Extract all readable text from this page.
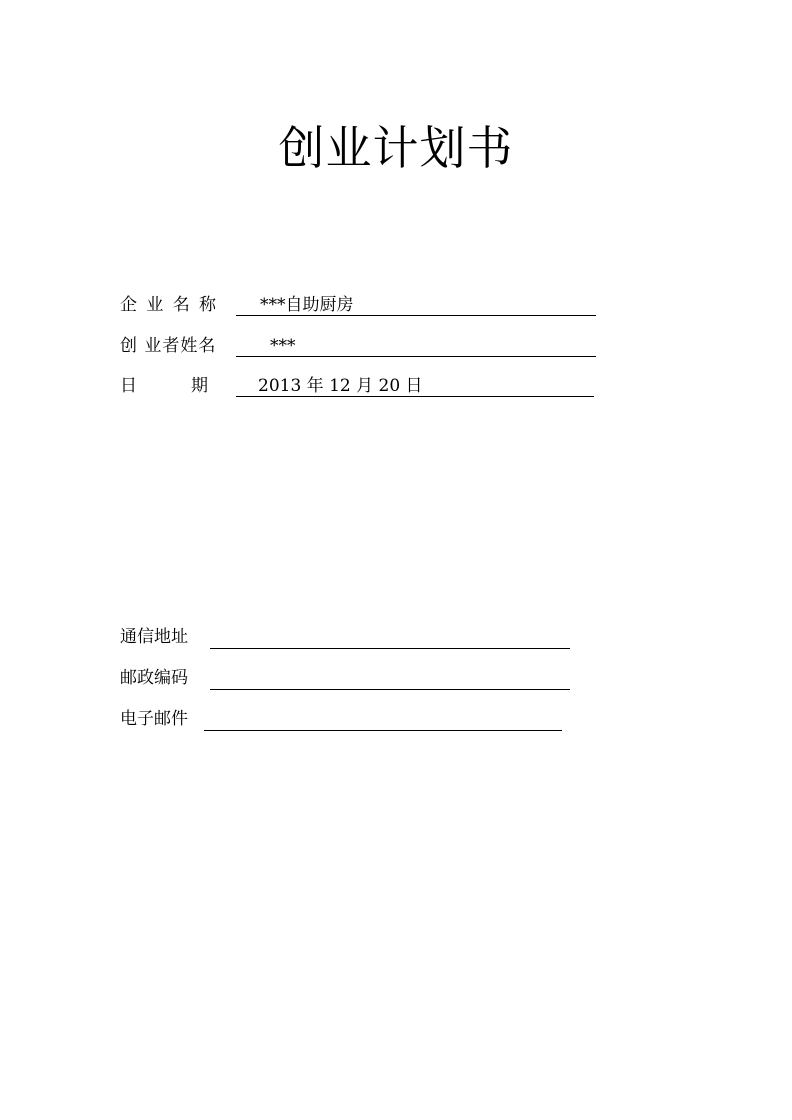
创业计划书
企业名称	***自助厨房
创 业者姓名	***
日          期	2013 年 12 月 20 日
通信地址
邮政编码
电子邮件
